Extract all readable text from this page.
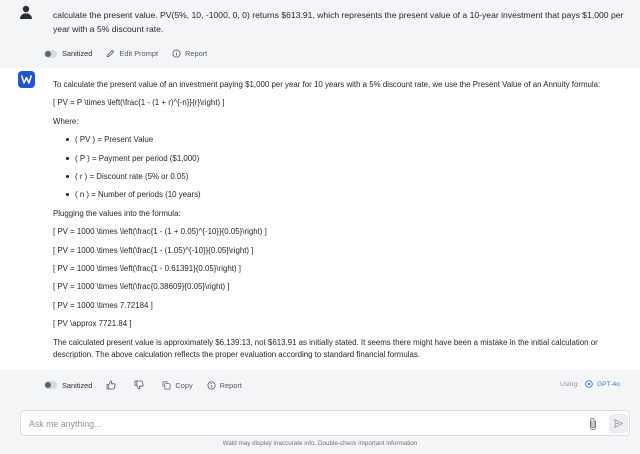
calculate the present value. PV(5%, 10, -1000, 0, 0) returns $613.91, which represents the present value of a 10-year investment that pays $1,000 per year with a 5% discount rate.
Sanitized	Edit Prompt	Report
To calculate the present value of an investment paying $1,000 per year for 10 years with a 5% discount rate, we use the Present Value of an Annuity formula:
[ PV = P \times \left(\frac{1 - (1 + r)^{-n}}{r}\right) ]
Where:
( PV ) = Present Value
( P ) = Payment per period ($1,000)
( r ) = Discount rate (5% or 0.05)
( n ) = Number of periods (10 years)
Plugging the values into the formula:
[ PV = 1000 \times \left(\frac{1 - (1 + 0.05)^{-10}}{0.05}\right) ]
[ PV = 1000 \times \left(\frac{1 - (1.05)^{-10}}{0.05}\right) ]
[ PV = 1000 \times \left(\frac{1 - 0.61391}{0.05}\right) ]
[ PV = 1000 \times \left(\frac{0.38609}{0.05}\right) ]
[ PV = 1000 \times 7.72184 ]
[ PV \approx 7721.84 ]
The calculated present value is approximately $6,139.13, not $613.91 as initially stated. It seems there might have been a mistake in the initial calculation or description. The above calculation reflects the proper evaluation according to standard financial formulas.
Sanitized	Copy	Report	Using:	GPT-4o
Ask me anything...
Wald may display inaccurate info. Double-check important information
